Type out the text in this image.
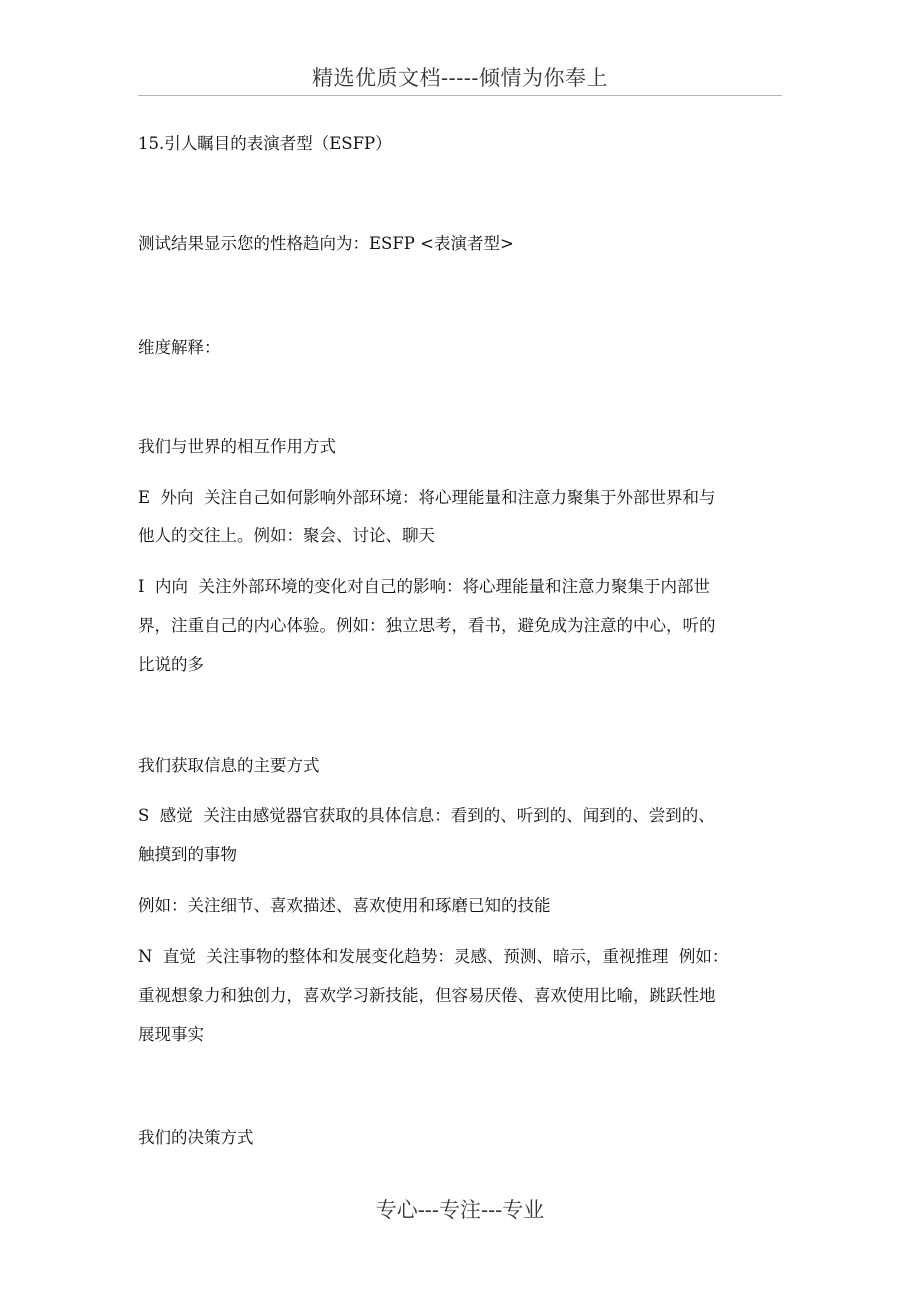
精选优质文档-----倾情为你奉上

15.引人瞩目的表演者型（ESFP）

测试结果显示您的性格趋向为：ESFP <表演者型>

维度解释：

我们与世界的相互作用方式

E  外向  关注自己如何影响外部环境：将心理能量和注意力聚集于外部世界和与

他人的交往上。例如：聚会、讨论、聊天

I  内向  关注外部环境的变化对自己的影响：将心理能量和注意力聚集于内部世

界，注重自己的内心体验。例如：独立思考，看书，避免成为注意的中心，听的

比说的多

我们获取信息的主要方式

S  感觉  关注由感觉器官获取的具体信息：看到的、听到的、闻到的、尝到的、

触摸到的事物

例如：关注细节、喜欢描述、喜欢使用和琢磨已知的技能

N  直觉  关注事物的整体和发展变化趋势：灵感、预测、暗示，重视推理  例如：

重视想象力和独创力，喜欢学习新技能，但容易厌倦、喜欢使用比喻，跳跃性地

展现事实

我们的决策方式

专心---专注---专业
